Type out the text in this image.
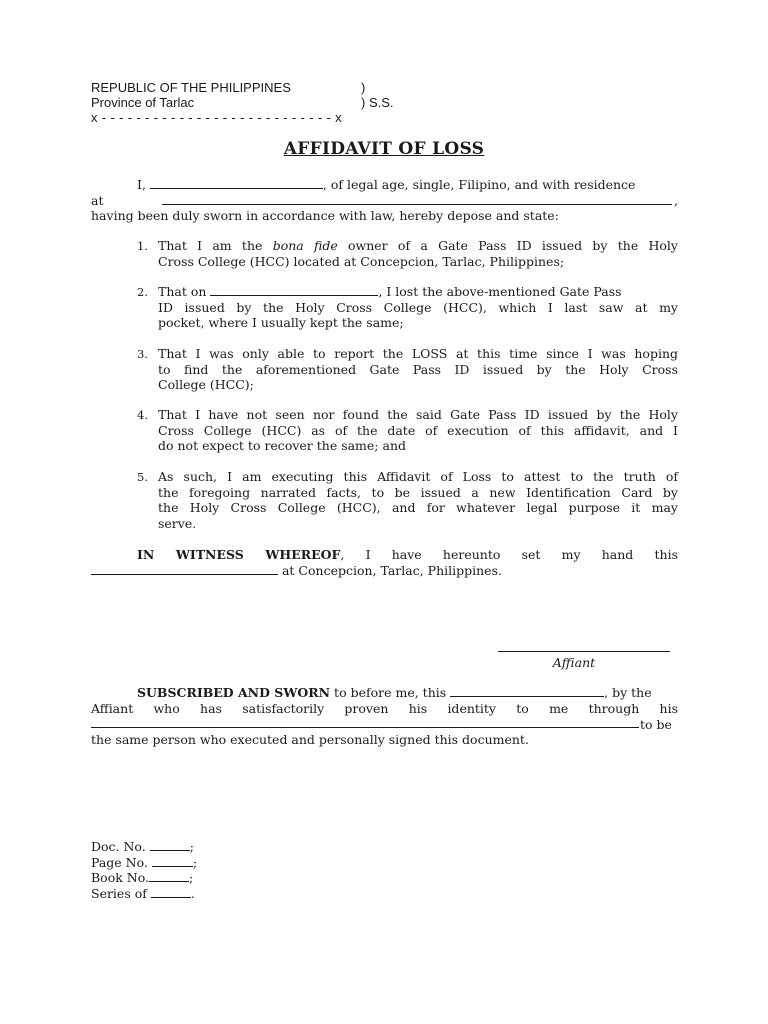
REPUBLIC OF THE PHILIPPINES	)
Province of Tarlac	) S.S.
x - - - - - - - - - - - - - - - - - - - - - - - - - - - x
AFFIDAVIT OF LOSS
I,	, of legal age, single, Filipino, and with residence
at	,
having been duly sworn in accordance with law, hereby depose and state:
1. That I am the bona fide owner of a Gate Pass ID issued by the Holy
Cross College (HCC) located at Concepcion, Tarlac, Philippines;
2. That on	, I lost the above-mentioned Gate Pass
ID issued by the Holy Cross College (HCC), which I last saw at my
pocket, where I usually kept the same;
3. That I was only able to report the LOSS at this time since I was hoping
to find the aforementioned Gate Pass ID issued by the Holy Cross
College (HCC);
4. That I have not seen nor found the said Gate Pass ID issued by the Holy
Cross College (HCC) as of the date of execution of this affidavit, and I
do not expect to recover the same; and
5. As such, I am executing this Affidavit of Loss to attest to the truth of
the foregoing narrated facts, to be issued a new Identification Card by
the Holy Cross College (HCC), and for whatever legal purpose it may
serve.
IN WITNESS WHEREOF, I have hereunto set my hand this
at Concepcion, Tarlac, Philippines.
Affiant
SUBSCRIBED AND SWORN to before me, this	, by the
Affiant who has satisfactorily proven his identity to me through his
to be
the same person who executed and personally signed this document.
Doc. No.	;
Page No.	;
Book No.	;
Series of	.
